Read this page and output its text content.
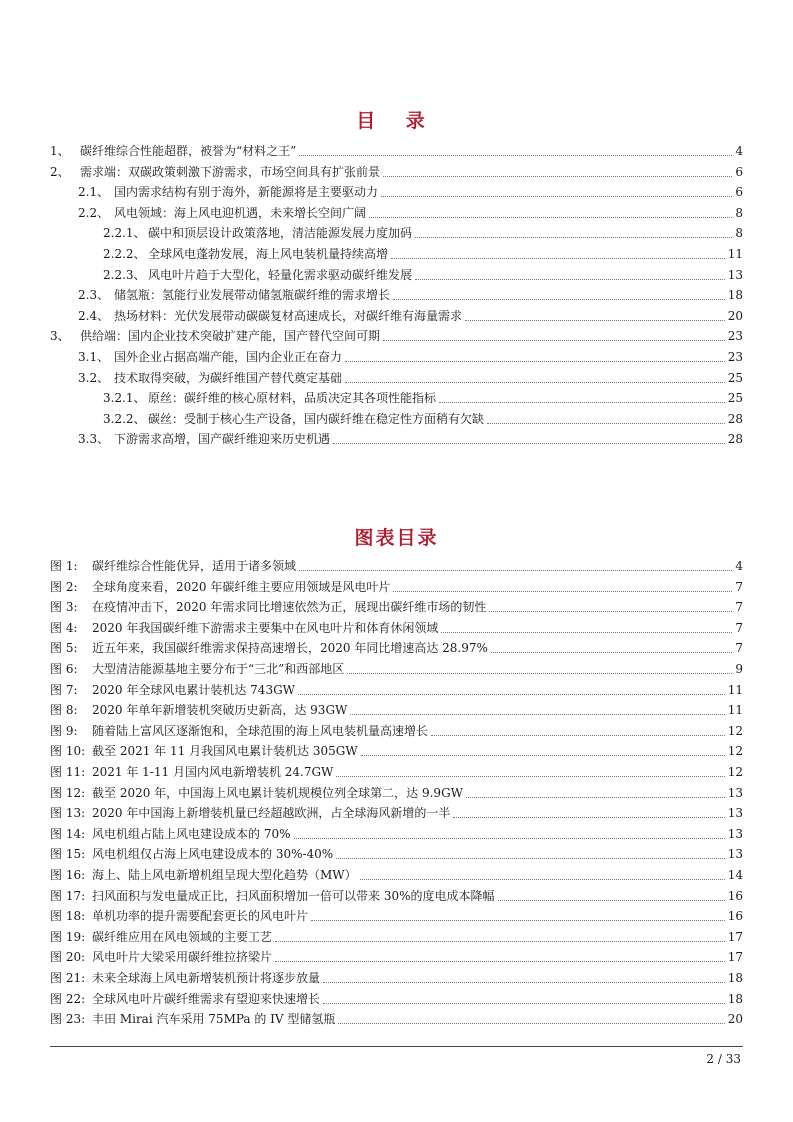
目 录
1、 碳纤维综合性能超群，被誉为“材料之王”	4
2、 需求端：双碳政策刺激下游需求，市场空间具有扩张前景	6
2.1、 国内需求结构有别于海外，新能源将是主要驱动力	6
2.2、 风电领域：海上风电迎机遇，未来增长空间广阔	8
2.2.1、 碳中和顶层设计政策落地，清洁能源发展力度加码	8
2.2.2、 全球风电蓬勃发展，海上风电装机量持续高增	11
2.2.3、 风电叶片趋于大型化，轻量化需求驱动碳纤维发展	13
2.3、 储氢瓶：氢能行业发展带动储氢瓶碳纤维的需求增长	18
2.4、 热场材料：光伏发展带动碳碳复材高速成长，对碳纤维有海量需求	20
3、 供给端：国内企业技术突破扩建产能，国产替代空间可期	23
3.1、 国外企业占据高端产能，国内企业正在奋力	23
3.2、 技术取得突破，为碳纤维国产替代奠定基础	25
3.2.1、 原丝：碳纤维的核心原材料，品质决定其各项性能指标	25
3.2.2、 碳丝：受制于核心生产设备，国内碳纤维在稳定性方面稍有欠缺	28
3.3、 下游需求高增，国产碳纤维迎来历史机遇	28
图表目录
图 1:	碳纤维综合性能优异，适用于诸多领域	4
图 2:	全球角度来看，2020 年碳纤维主要应用领域是风电叶片	7
图 3:	在疫情冲击下，2020 年需求同比增速依然为正，展现出碳纤维市场的韧性	7
图 4:	2020 年我国碳纤维下游需求主要集中在风电叶片和体育休闲领域	7
图 5:	近五年来，我国碳纤维需求保持高速增长，2020 年同比增速高达 28.97%	7
图 6:	大型清洁能源基地主要分布于“三北”和西部地区	9
图 7:	2020 年全球风电累计装机达 743GW	11
图 8:	2020 年单年新增装机突破历史新高，达 93GW	11
图 9:	随着陆上富风区逐渐饱和，全球范围的海上风电装机量高速增长	12
图 10: 截至 2021 年 11 月我国风电累计装机达 305GW	12
图 11: 2021 年 1-11 月国内风电新增装机 24.7GW	12
图 12: 截至 2020 年，中国海上风电累计装机规模位列全球第二，达 9.9GW	13
图 13: 2020 年中国海上新增装机量已经超越欧洲，占全球海风新增的一半	13
图 14: 风电机组占陆上风电建设成本的 70%	13
图 15: 风电机组仅占海上风电建设成本的 30%-40%	13
图 16: 海上、陆上风电新增机组呈现大型化趋势（MW）	14
图 17: 扫风面积与发电量成正比，扫风面积增加一倍可以带来 30%的度电成本降幅	16
图 18: 单机功率的提升需要配套更长的风电叶片	16
图 19: 碳纤维应用在风电领域的主要工艺	17
图 20: 风电叶片大梁采用碳纤维拉挤梁片	17
图 21: 未来全球海上风电新增装机预计将逐步放量	18
图 22: 全球风电叶片碳纤维需求有望迎来快速增长	18
图 23: 丰田 Mirai 汽车采用 75MPa 的 IV 型储氢瓶	20
2 / 33
